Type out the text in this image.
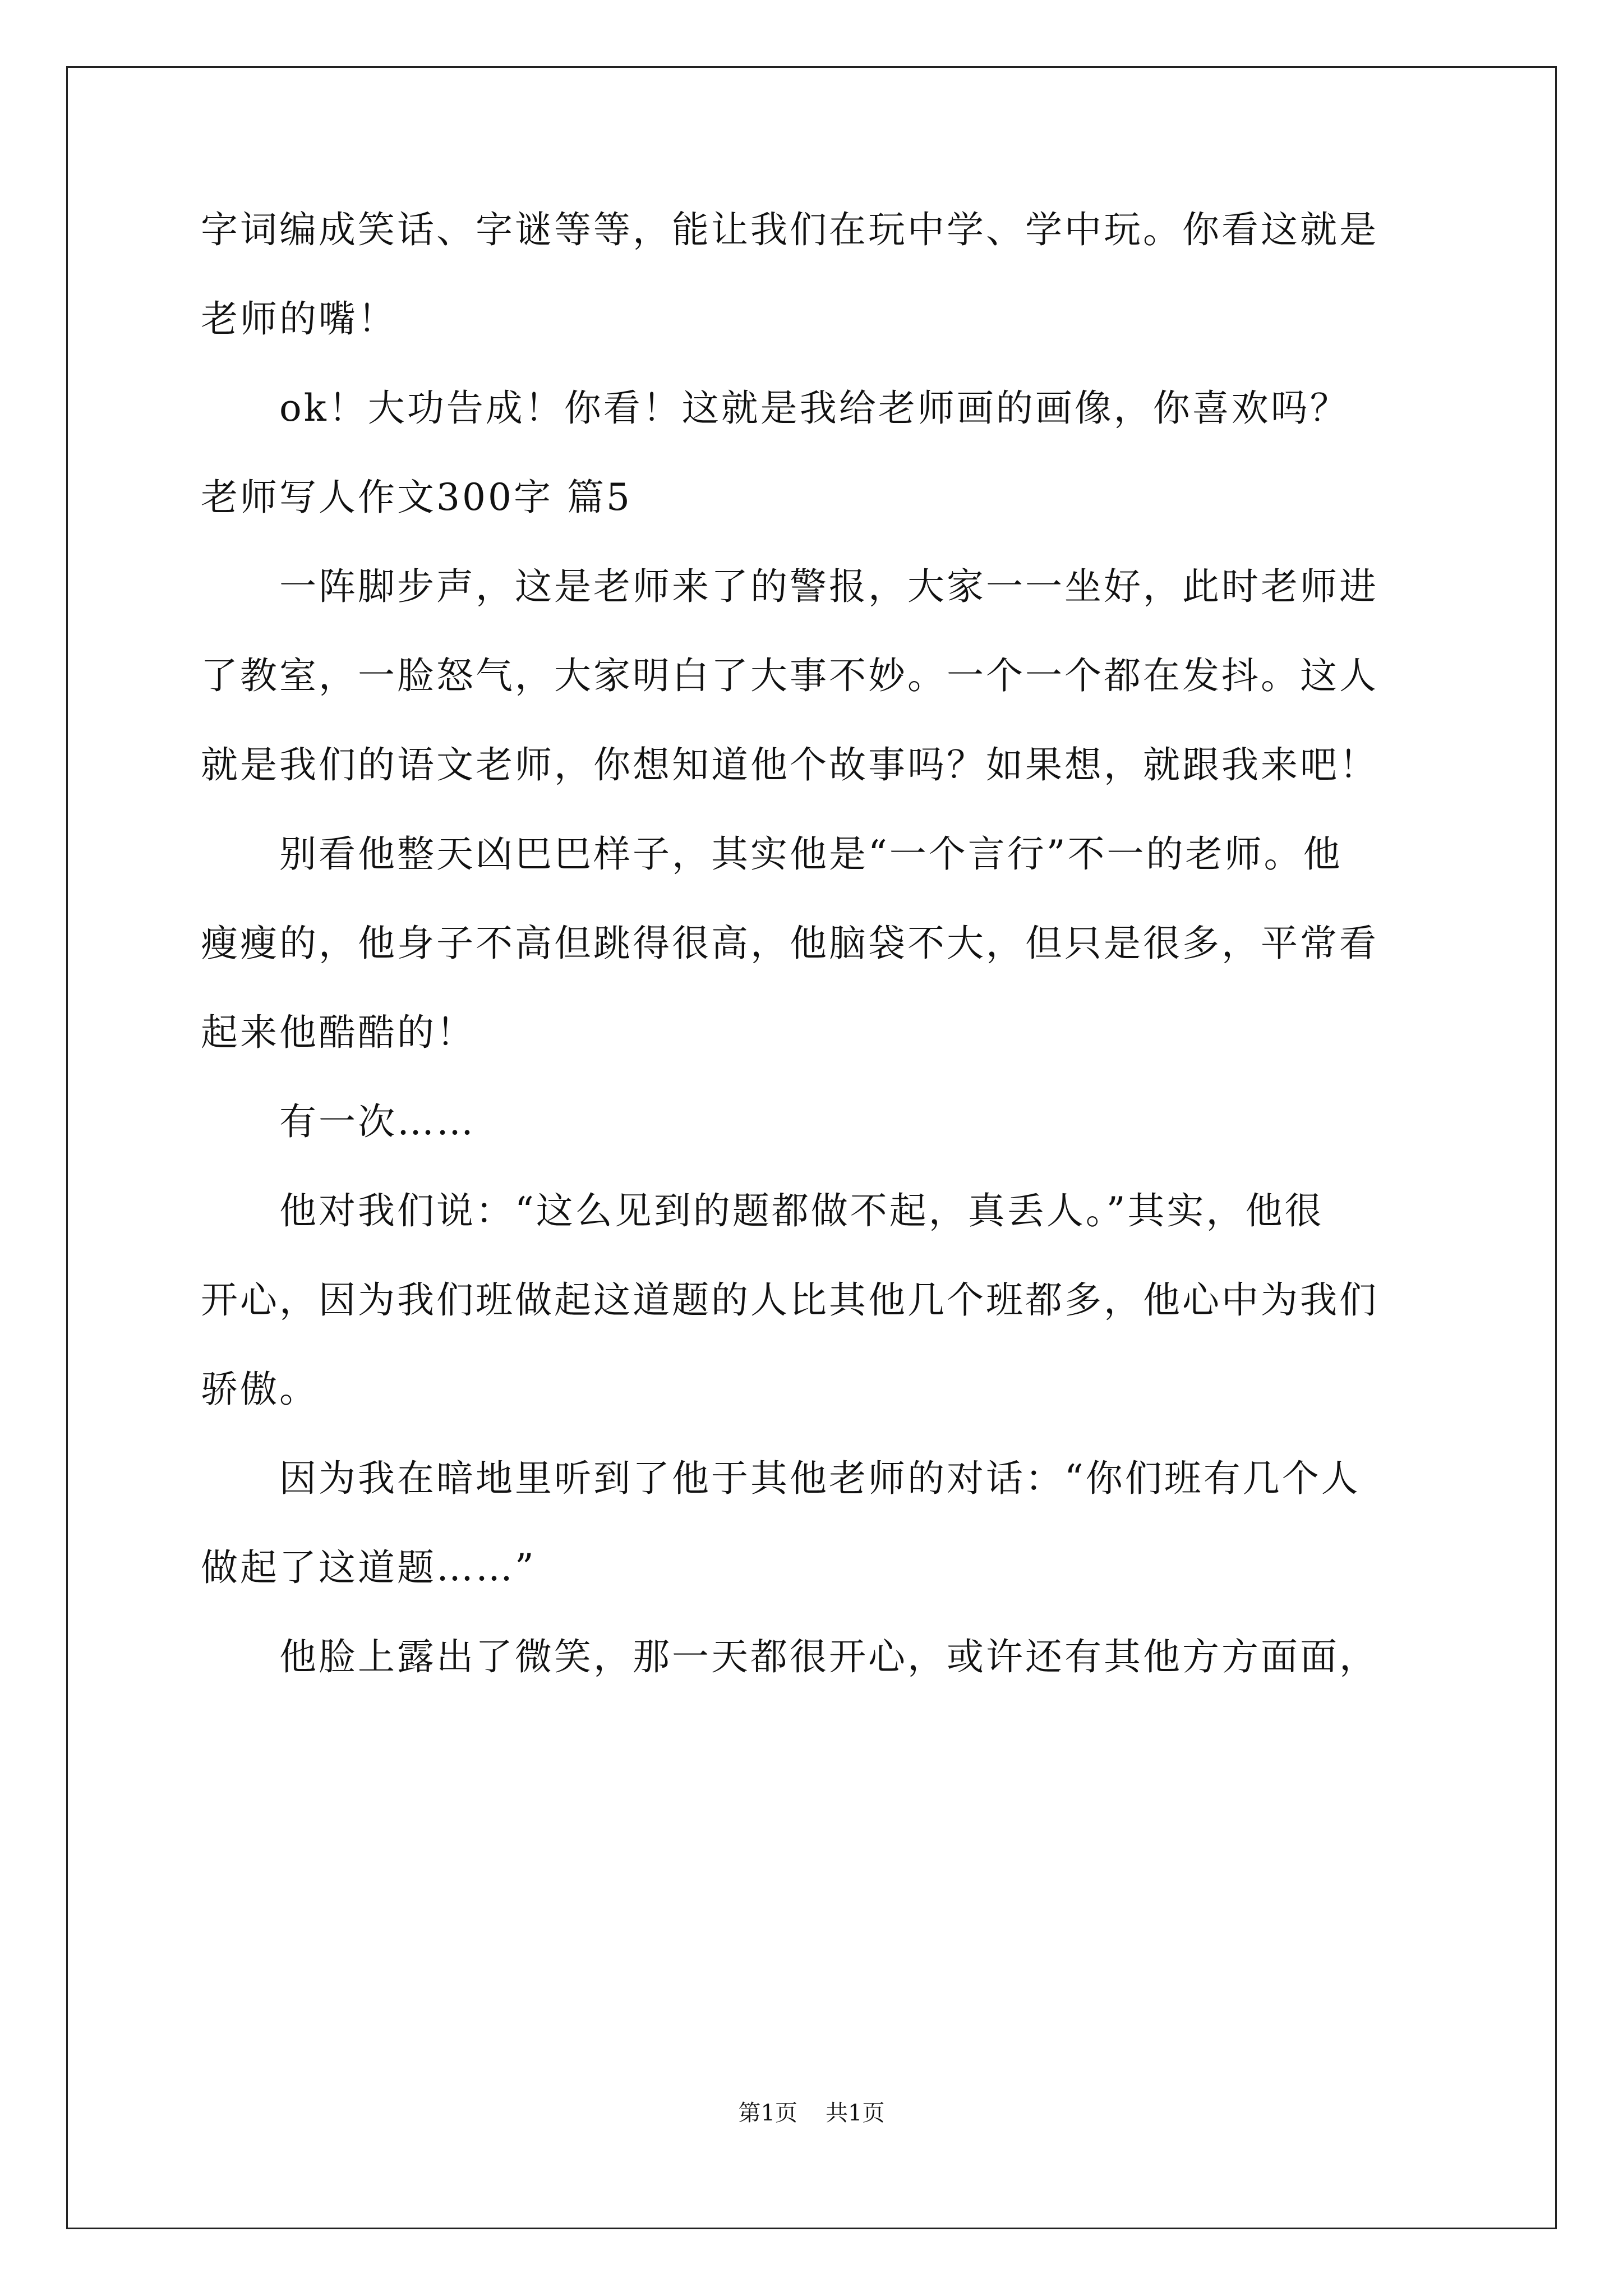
字词编成笑话、字谜等等，能让我们在玩中学、学中玩。你看这就是
老师的嘴！
ok！大功告成！你看！这就是我给老师画的画像，你喜欢吗？
老师写人作文300字 篇5
一阵脚步声，这是老师来了的警报，大家一一坐好，此时老师进
了教室，一脸怒气，大家明白了大事不妙。一个一个都在发抖。这人
就是我们的语文老师，你想知道他个故事吗？如果想，就跟我来吧！
别看他整天凶巴巴样子，其实他是“一个言行”不一的老师。他
瘦瘦的，他身子不高但跳得很高，他脑袋不大，但只是很多，平常看
起来他酷酷的！
有一次……
他对我们说：“这么见到的题都做不起，真丢人。”其实，他很
开心，因为我们班做起这道题的人比其他几个班都多，他心中为我们
骄傲。
因为我在暗地里听到了他于其他老师的对话：“你们班有几个人
做起了这道题……”
他脸上露出了微笑，那一天都很开心，或许还有其他方方面面，
第1页 共1页
